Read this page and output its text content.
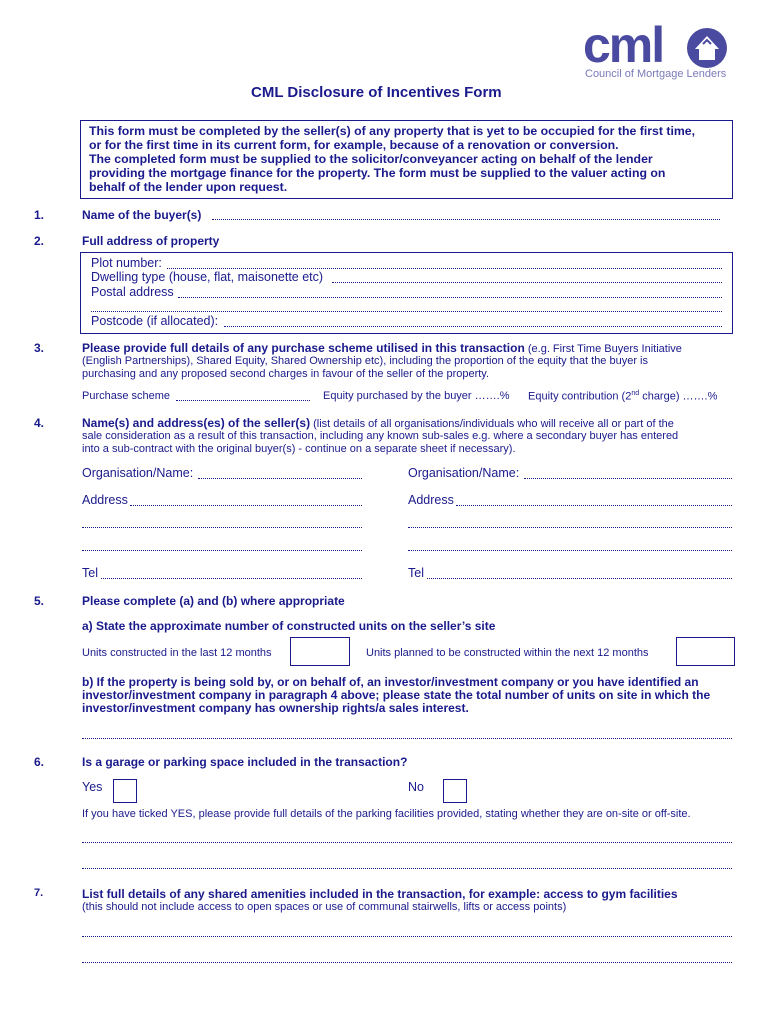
cml
Council of Mortgage Lenders
CML Disclosure of Incentives Form
This form must be completed by the seller(s) of any property that is yet to be occupied for the first time,
or for the first time in its current form, for example, because of a renovation or conversion.
The completed form must be supplied to the solicitor/conveyancer acting on behalf of the lender
providing the mortgage finance for the property. The form must be supplied to the valuer acting on
behalf of the lender upon request.
1.	Name of the buyer(s)
2.	Full address of property
Plot number:
Dwelling type (house, flat, maisonette etc)
Postal address
Postcode (if allocated):
3.	Please provide full details of any purchase scheme utilised in this transaction (e.g. First Time Buyers Initiative
(English Partnerships), Shared Equity, Shared Ownership etc), including the proportion of the equity that the buyer is
purchasing and any proposed second charges in favour of the seller of the property.
Purchase scheme	Equity purchased by the buyer …….% Equity contribution (2nd charge) …….%
4.	Name(s) and address(es) of the seller(s) (list details of all organisations/individuals who will receive all or part of the
sale consideration as a result of this transaction, including any known sub-sales e.g. where a secondary buyer has entered
into a sub-contract with the original buyer(s) - continue on a separate sheet if necessary).
Organisation/Name:
Address
Tel
Organisation/Name:
Address
Tel
5.	Please complete (a) and (b) where appropriate
a) State the approximate number of constructed units on the seller’s site
Units constructed in the last 12 months	Units planned to be constructed within the next 12 months
b) If the property is being sold by, or on behalf of, an investor/investment company or you have identified an
investor/investment company in paragraph 4 above; please state the total number of units on site in which the
investor/investment company has ownership rights/a sales interest.
6.	Is a garage or parking space included in the transaction?
Yes	No
If you have ticked YES, please provide full details of the parking facilities provided, stating whether they are on-site or off-site.
7.	List full details of any shared amenities included in the transaction, for example: access to gym facilities
(this should not include access to open spaces or use of communal stairwells, lifts or access points)
